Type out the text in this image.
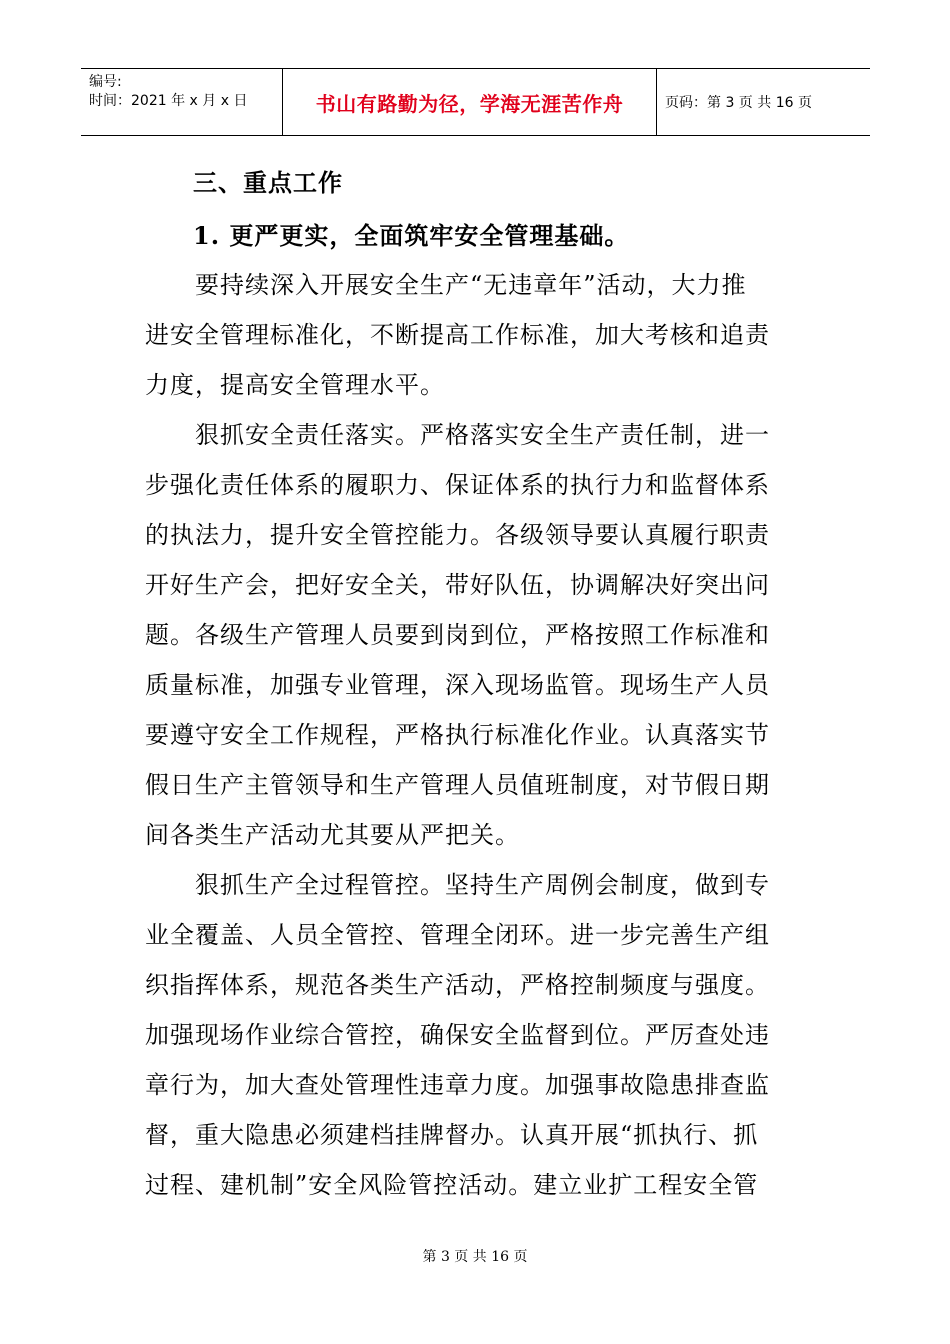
编号:
时间：2021 年 x 月 x 日	书山有路勤为径，学海无涯苦作舟	页码：第 3 页 共 16 页
三、重点工作
1. 更严更实，全面筑牢安全管理基础。
要持续深入开展安全生产“无违章年”活动，大力推
进安全管理标准化，不断提高工作标准，加大考核和追责
力度，提高安全管理水平。
狠抓安全责任落实。严格落实安全生产责任制，进一
步强化责任体系的履职力、保证体系的执行力和监督体系
的执法力，提升安全管控能力。各级领导要认真履行职责
开好生产会，把好安全关，带好队伍，协调解决好突出问
题。各级生产管理人员要到岗到位，严格按照工作标准和
质量标准，加强专业管理，深入现场监管。现场生产人员
要遵守安全工作规程，严格执行标准化作业。认真落实节
假日生产主管领导和生产管理人员值班制度，对节假日期
间各类生产活动尤其要从严把关。
狠抓生产全过程管控。坚持生产周例会制度，做到专
业全覆盖、人员全管控、管理全闭环。进一步完善生产组
织指挥体系，规范各类生产活动，严格控制频度与强度。
加强现场作业综合管控，确保安全监督到位。严厉查处违
章行为，加大查处管理性违章力度。加强事故隐患排查监
督，重大隐患必须建档挂牌督办。认真开展“抓执行、抓
过程、建机制”安全风险管控活动。建立业扩工程安全管
第 3 页 共 16 页
